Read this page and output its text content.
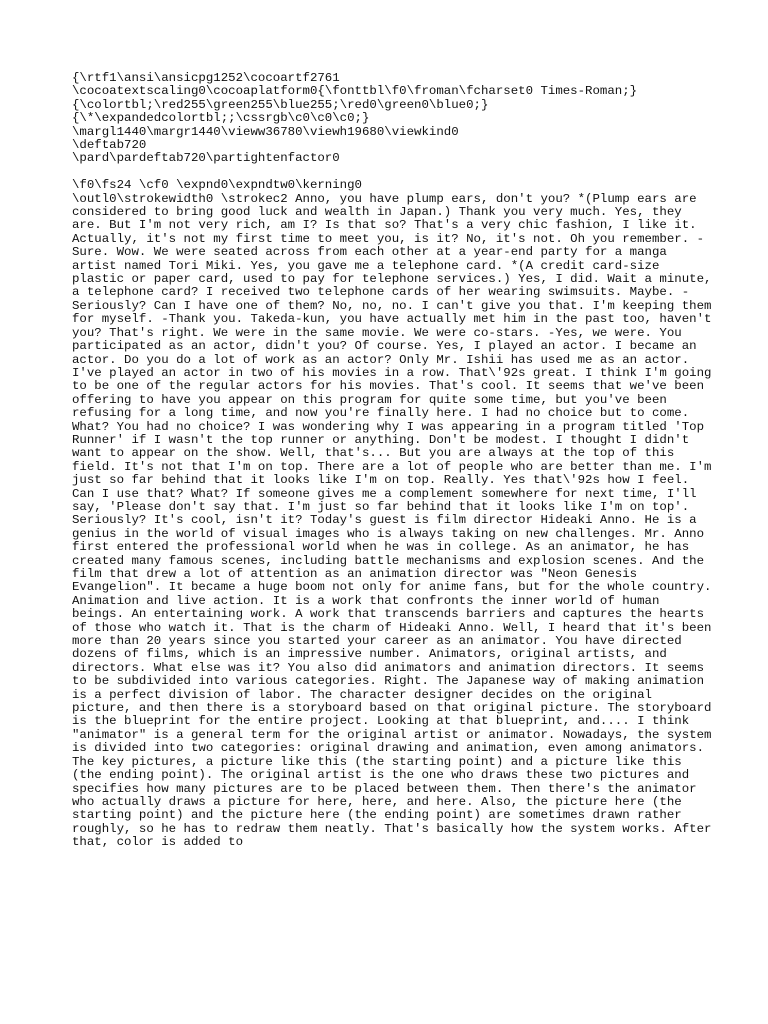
{\rtf1\ansi\ansicpg1252\cocoartf2761
\cocoatextscaling0\cocoaplatform0{\fonttbl\f0\froman\fcharset0 Times-Roman;}
{\colortbl;\red255\green255\blue255;\red0\green0\blue0;}
{\*\expandedcolortbl;;\cssrgb\c0\c0\c0;}
\margl1440\margr1440\vieww36780\viewh19680\viewkind0
\deftab720
\pard\pardeftab720\partightenfactor0
\f0\fs24 \cf0 \expnd0\expndtw0\kerning0

\outl0\strokewidth0 \strokec2 Anno, you have plump ears, don't you? *(Plump ears are considered to bring good luck and wealth in Japan.) Thank you very much. Yes, they are. But I'm not very rich, am I? Is that so? That's a very chic fashion, I like it. Actually, it's not my first time to meet you, is it? No, it's not. Oh you remember. -Sure. Wow. We were seated across from each other at a year-end party for a manga artist named Tori Miki. Yes, you gave me a telephone card. *(A credit card-size plastic or paper card, used to pay for telephone services.) Yes, I did. Wait a minute, a telephone card? I received two telephone cards of her wearing swimsuits. Maybe. -Seriously? Can I have one of them? No, no, no. I can't give you that. I'm keeping them for myself. -Thank you. Takeda-kun, you have actually met him in the past too, haven't you? That's right. We were in the same movie. We were co-stars. -Yes, we were. You participated as an actor, didn't you? Of course. Yes, I played an actor. I became an actor. Do you do a lot of work as an actor? Only Mr. Ishii has used me as an actor. I've played an actor in two of his movies in a row. That\'92s great. I think I'm going to be one of the regular actors for his movies. That's cool. It seems that we've been offering to have you appear on this program for quite some time, but you've been refusing for a long time, and now you're finally here. I had no choice but to come. What? You had no choice? I was wondering why I was appearing in a program titled 'Top Runner' if I wasn't the top runner or anything. Don't be modest. I thought I didn't want to appear on the show. Well, that's... But you are always at the top of this field. It's not that I'm on top. There are a lot of people who are better than me. I'm just so far behind that it looks like I'm on top. Really. Yes that\'92s how I feel. Can I use that? What? If someone gives me a complement somewhere for next time, I'll say, 'Please don't say that. I'm just so far behind that it looks like I'm on top'. Seriously? It's cool, isn't it? Today's guest is film director Hideaki Anno. He is a genius in the world of visual images who is always taking on new challenges. Mr. Anno first entered the professional world when he was in college. As an animator, he has created many famous scenes, including battle mechanisms and explosion scenes. And the film that drew a lot of attention as an animation director was "Neon Genesis Evangelion". It became a huge boom not only for anime fans, but for the whole country. Animation and live action. It is a work that confronts the inner world of human beings. An entertaining work. A work that transcends barriers and captures the hearts of those who watch it. That is the charm of Hideaki Anno. Well, I heard that it's been more than 20 years since you started your career as an animator. You have directed dozens of films, which is an impressive number. Animators, original artists, and directors. What else was it? You also did animators and animation directors. It seems to be subdivided into various categories. Right. The Japanese way of making animation is a perfect division of labor. The character designer decides on the original picture, and then there is a storyboard based on that original picture. The storyboard is the blueprint for the entire project. Looking at that blueprint, and.... I think "animator" is a general term for the original artist or animator. Nowadays, the system is divided into two categories: original drawing and animation, even among animators. The key pictures, a picture like this (the starting point) and a picture like this (the ending point). The original artist is the one who draws these two pictures and specifies how many pictures are to be placed between them. Then there's the animator who actually draws a picture for here, here, and here. Also, the picture here (the starting point) and the picture here (the ending point) are sometimes drawn rather roughly, so he has to redraw them neatly. That's basically how the system works. After that, color is added to
